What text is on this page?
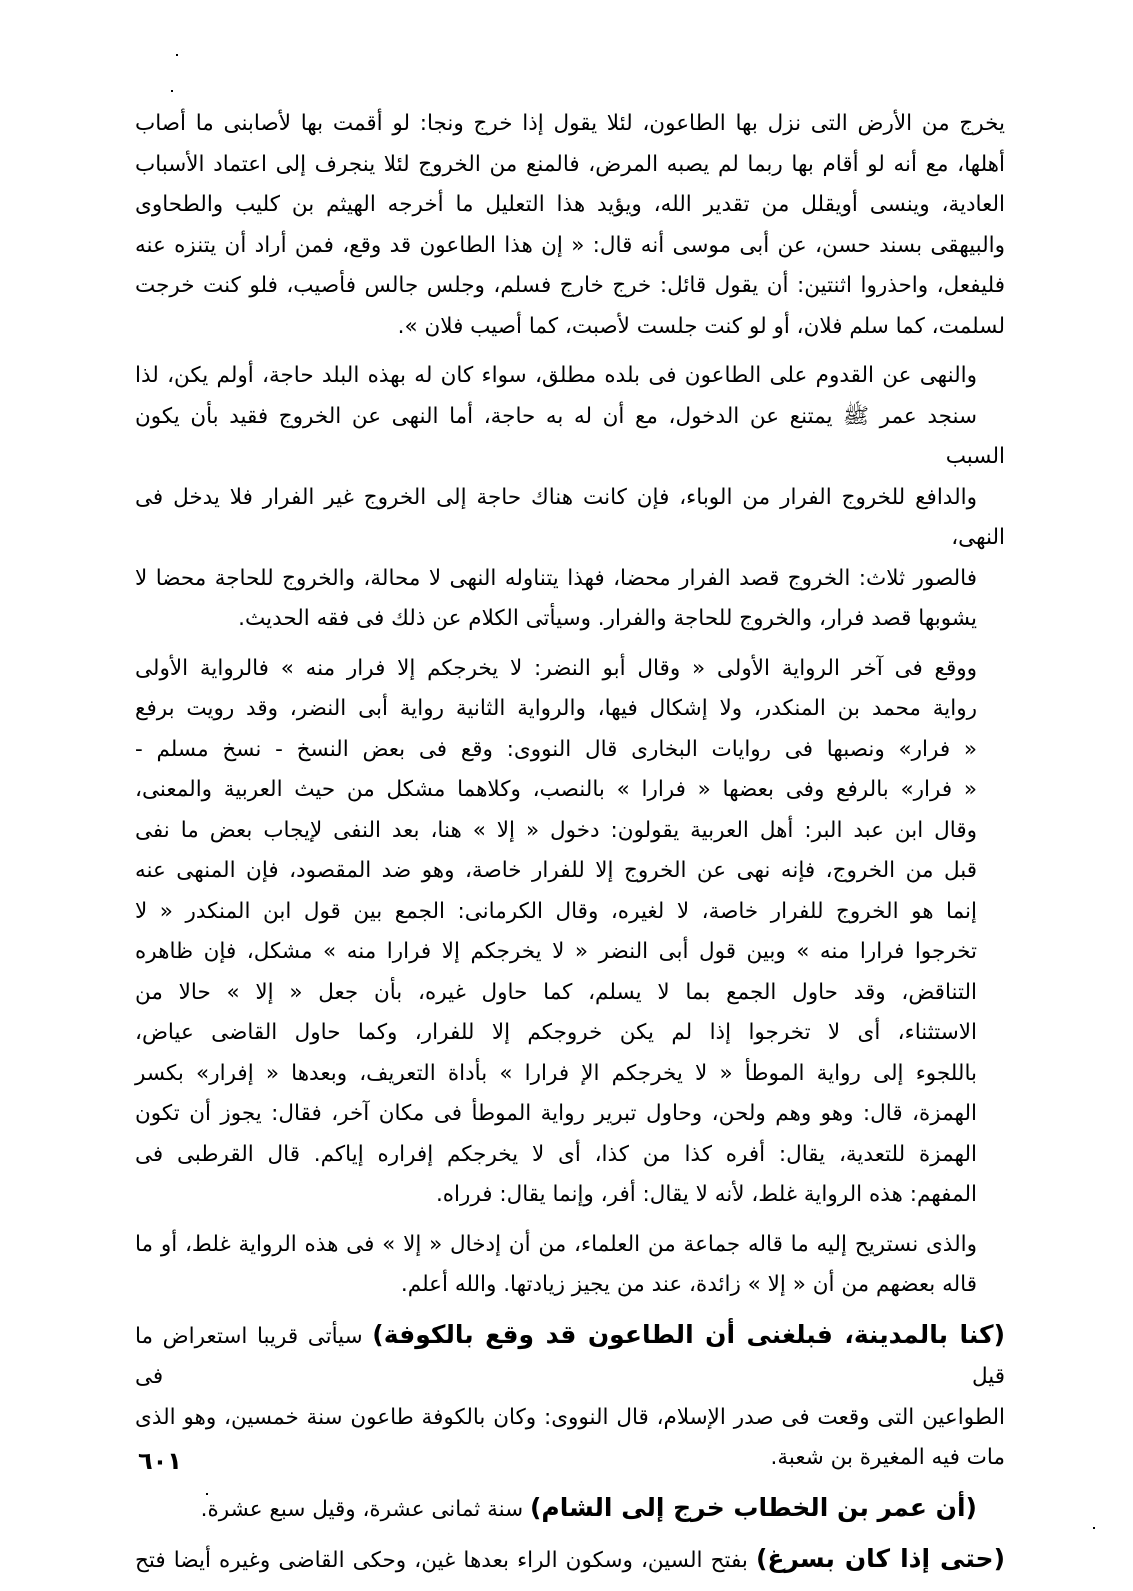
يخرج من الأرض التى نزل بها الطاعون، لئلا يقول إذا خرج ونجا: لو أقمت بها لأصابنى ما أصاب
أهلها، مع أنه لو أقام بها ربما لم يصبه المرض، فالمنع من الخروج لئلا ينجرف إلى اعتماد الأسباب
العادية، وينسى أويقلل من تقدير الله، ويؤيد هذا التعليل ما أخرجه الهيثم بن كليب والطحاوى
والبيهقى بسند حسن، عن أبى موسى أنه قال: « إن هذا الطاعون قد وقع، فمن أراد أن يتنزه عنه
فليفعل، واحذروا اثنتين: أن يقول قائل: خرج خارج فسلم، وجلس جالس فأصيب، فلو كنت خرجت
لسلمت، كما سلم فلان، أو لو كنت جلست لأصبت، كما أصيب فلان ».

والنهى عن القدوم على الطاعون فى بلده مطلق، سواء كان له بهذه البلد حاجة، أولم يكن، لذا
سنجد عمر ﷺ يمتنع عن الدخول، مع أن له به حاجة، أما النهى عن الخروج فقيد بأن يكون السبب
والدافع للخروج الفرار من الوباء، فإن كانت هناك حاجة إلى الخروج غير الفرار فلا يدخل فى النهى،
فالصور ثلاث: الخروج قصد الفرار محضا، فهذا يتناوله النهى لا محالة، والخروج للحاجة محضا لا
يشوبها قصد فرار، والخروج للحاجة والفرار. وسيأتى الكلام عن ذلك فى فقه الحديث.

ووقع فى آخر الرواية الأولى « وقال أبو النضر: لا يخرجكم إلا فرار منه » فالرواية الأولى
رواية محمد بن المنكدر، ولا إشكال فيها، والرواية الثانية رواية أبى النضر، وقد رويت برفع
« فرار» ونصبها فى روايات البخارى قال النووى: وقع فى بعض النسخ - نسخ مسلم -
« فرار» بالرفع وفى بعضها « فرارا » بالنصب، وكلاهما مشكل من حيث العربية والمعنى،
وقال ابن عبد البر: أهل العربية يقولون: دخول « إلا » هنا، بعد النفى لإيجاب بعض ما نفى
قبل من الخروج، فإنه نهى عن الخروج إلا للفرار خاصة، وهو ضد المقصود، فإن المنهى عنه
إنما هو الخروج للفرار خاصة، لا لغيره، وقال الكرمانى: الجمع بين قول ابن المنكدر « لا
تخرجوا فرارا منه » وبين قول أبى النضر « لا يخرجكم إلا فرارا منه » مشكل، فإن ظاهره
التناقض، وقد حاول الجمع بما لا يسلم، كما حاول غيره، بأن جعل « إلا » حالا من
الاستثناء، أى لا تخرجوا إذا لم يكن خروجكم إلا للفرار، وكما حاول القاضى عياض،
باللجوء إلى رواية الموطأ « لا يخرجكم الإ فرارا » بأداة التعريف، وبعدها « إفرار» بكسر
الهمزة، قال: وهو وهم ولحن، وحاول تبرير رواية الموطأ فى مكان آخر، فقال: يجوز أن تكون
الهمزة للتعدية، يقال: أفره كذا من كذا، أى لا يخرجكم إفراره إياكم. قال القرطبى فى
المفهم: هذه الرواية غلط، لأنه لا يقال: أفر، وإنما يقال: فرراه.

والذى نستريح إليه ما قاله جماعة من العلماء، من أن إدخال « إلا » فى هذه الرواية غلط، أو ما
قاله بعضهم من أن « إلا » زائدة، عند من يجيز زيادتها. والله أعلم.

(كنا بالمدينة، فبلغنى أن الطاعون قد وقع بالكوفة) سيأتى قريبا استعراض ما قيل فى
الطواعين التى وقعت فى صدر الإسلام، قال النووى: وكان بالكوفة طاعون سنة خمسين، وهو الذى
مات فيه المغيرة بن شعبة.

(أن عمر بن الخطاب خرج إلى الشام) سنة ثمانى عشرة، وقيل سبع عشرة.

(حتى إذا كان بسرغ) بفتح السين، وسكون الراء بعدها غين، وحكى القاضى وغيره أيضا فتح

٦٠١
